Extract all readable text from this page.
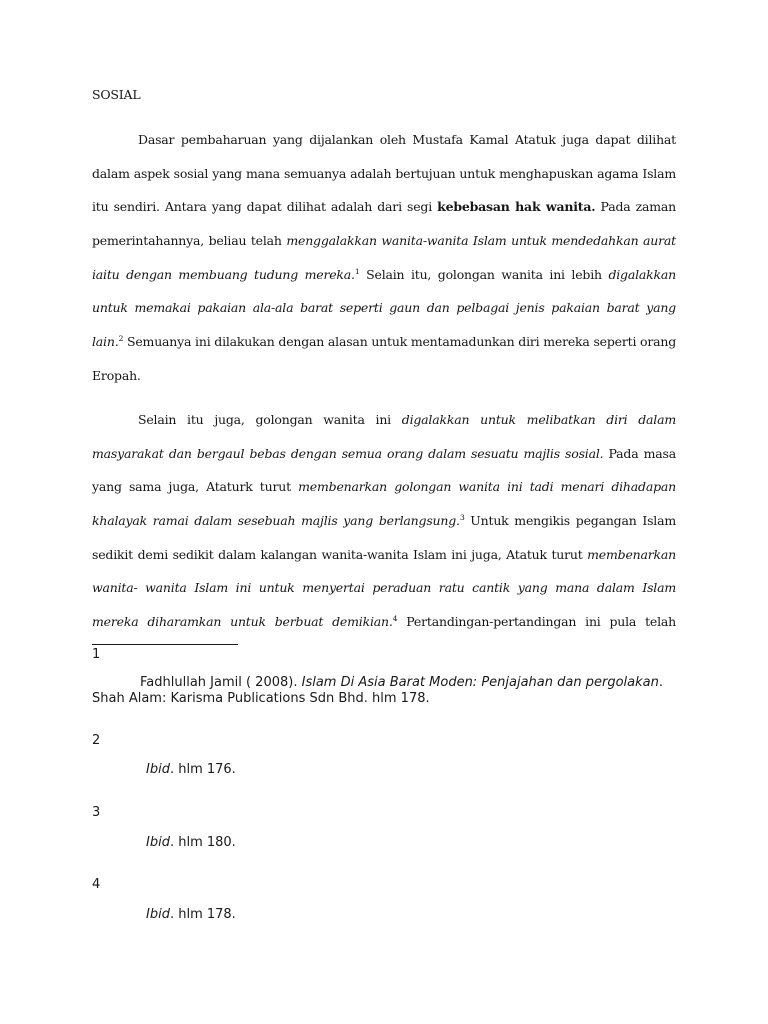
SOSIAL
Dasar pembaharuan yang dijalankan oleh Mustafa Kamal Atatuk juga dapat dilihat
dalam aspek sosial yang mana semuanya adalah bertujuan untuk menghapuskan agama Islam
itu sendiri. Antara yang dapat dilihat adalah dari segi kebebasan hak wanita. Pada zaman
pemerintahannya, beliau telah menggalakkan wanita-wanita Islam untuk mendedahkan aurat
iaitu dengan membuang tudung mereka.$^1$ Selain itu, golongan wanita ini lebih digalakkan
untuk memakai pakaian ala-ala barat seperti gaun dan pelbagai jenis pakaian barat yang
lain.$^2$ Semuanya ini dilakukan dengan alasan untuk mentamadunkan diri mereka seperti orang
Eropah.
Selain itu juga, golongan wanita ini digalakkan untuk melibatkan diri dalam
masyarakat dan bergaul bebas dengan semua orang dalam sesuatu majlis sosial. Pada masa
yang sama juga, Ataturk turut membenarkan golongan wanita ini tadi menari dihadapan
khalayak ramai dalam sesebuah majlis yang berlangsung.$^3$ Untuk mengikis pegangan Islam
sedikit demi sedikit dalam kalangan wanita-wanita Islam ini juga, Atatuk turut membenarkan
wanita- wanita Islam ini untuk menyertai peraduan ratu cantik yang mana dalam Islam
mereka diharamkan untuk berbuat demikian.$^4$ Pertandingan-pertandingan ini pula telah
1
Fadhlullah Jamil ( 2008). Islam Di Asia Barat Moden: Penjajahan dan pergolakan.
Shah Alam: Karisma Publications Sdn Bhd. hlm 178.
2
Ibid. hlm 176.
3
Ibid. hlm 180.
4
Ibid. hlm 178.
